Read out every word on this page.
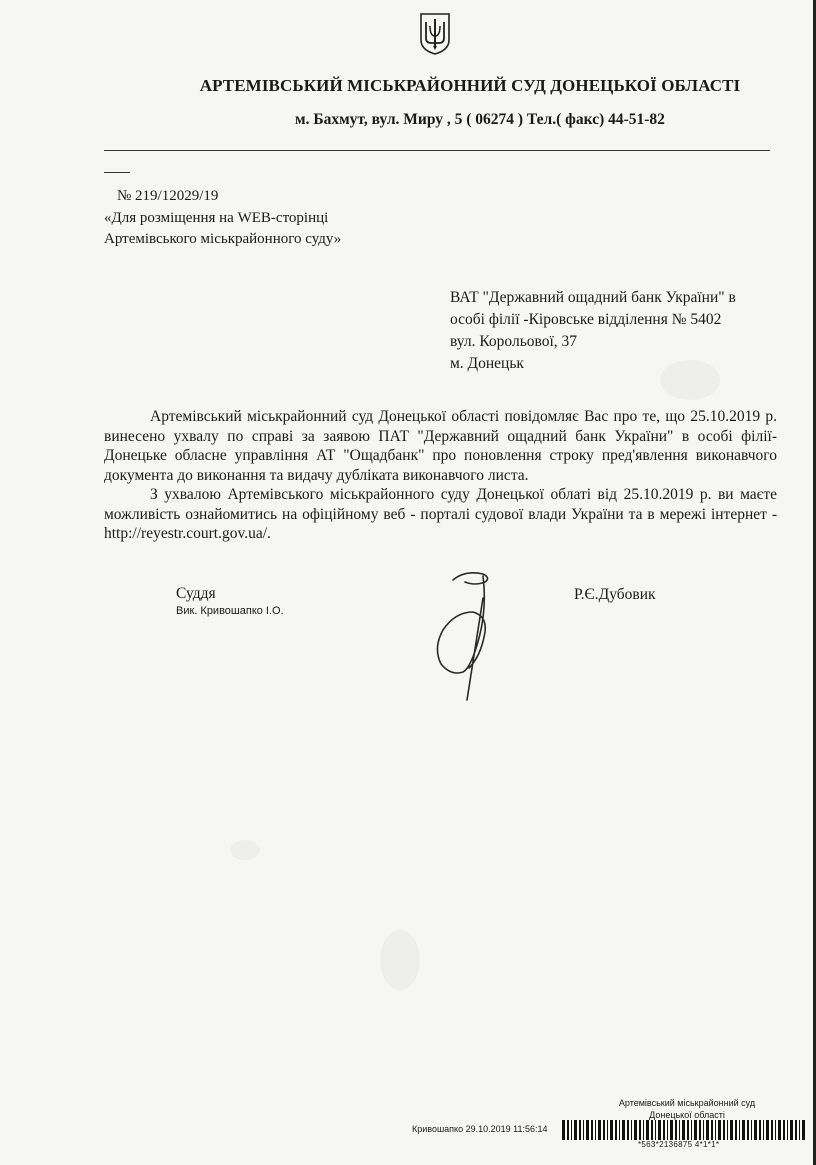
АРТЕМІВСЬКИЙ МІСЬКРАЙОННИЙ СУД ДОНЕЦЬКОЇ ОБЛАСТІ
м. Бахмут, вул. Миру , 5 ( 06274 ) Тел.( факс) 44-51-82
№ 219/12029/19
«Для розміщення на WEB-сторінці
Артемівського міськрайонного суду»
ВАТ "Державний ощадний банк України" в
особі філії -Кіровське відділення № 5402
вул. Корольової, 37
м. Донецьк

Артемівський міськрайонний суд Донецької області повідомляє Вас про те, що 25.10.2019 р. винесено ухвалу по справі за заявою ПАТ "Державний ощадний банк України" в особі філії- Донецьке обласне управління АТ "Ощадбанк" про поновлення строку пред'явлення виконавчого документа до виконання та видачу дублікатa виконавчого листа.

З ухвалою Артемівського міськрайонного суду Донецької облаті від 25.10.2019 р. ви маєте можливість ознайомитись на офіційному веб - порталі судової влади України та в мережі інтернет - http://reyestr.court.gov.ua/.

Суддя
Вик. Кривошапко І.О.
Р.Є.Дубовик
Артемівський міськрайонний суд
Донецької області
Кривошапко 29.10.2019 11:56:14
*563*2136875 4*1*1*
